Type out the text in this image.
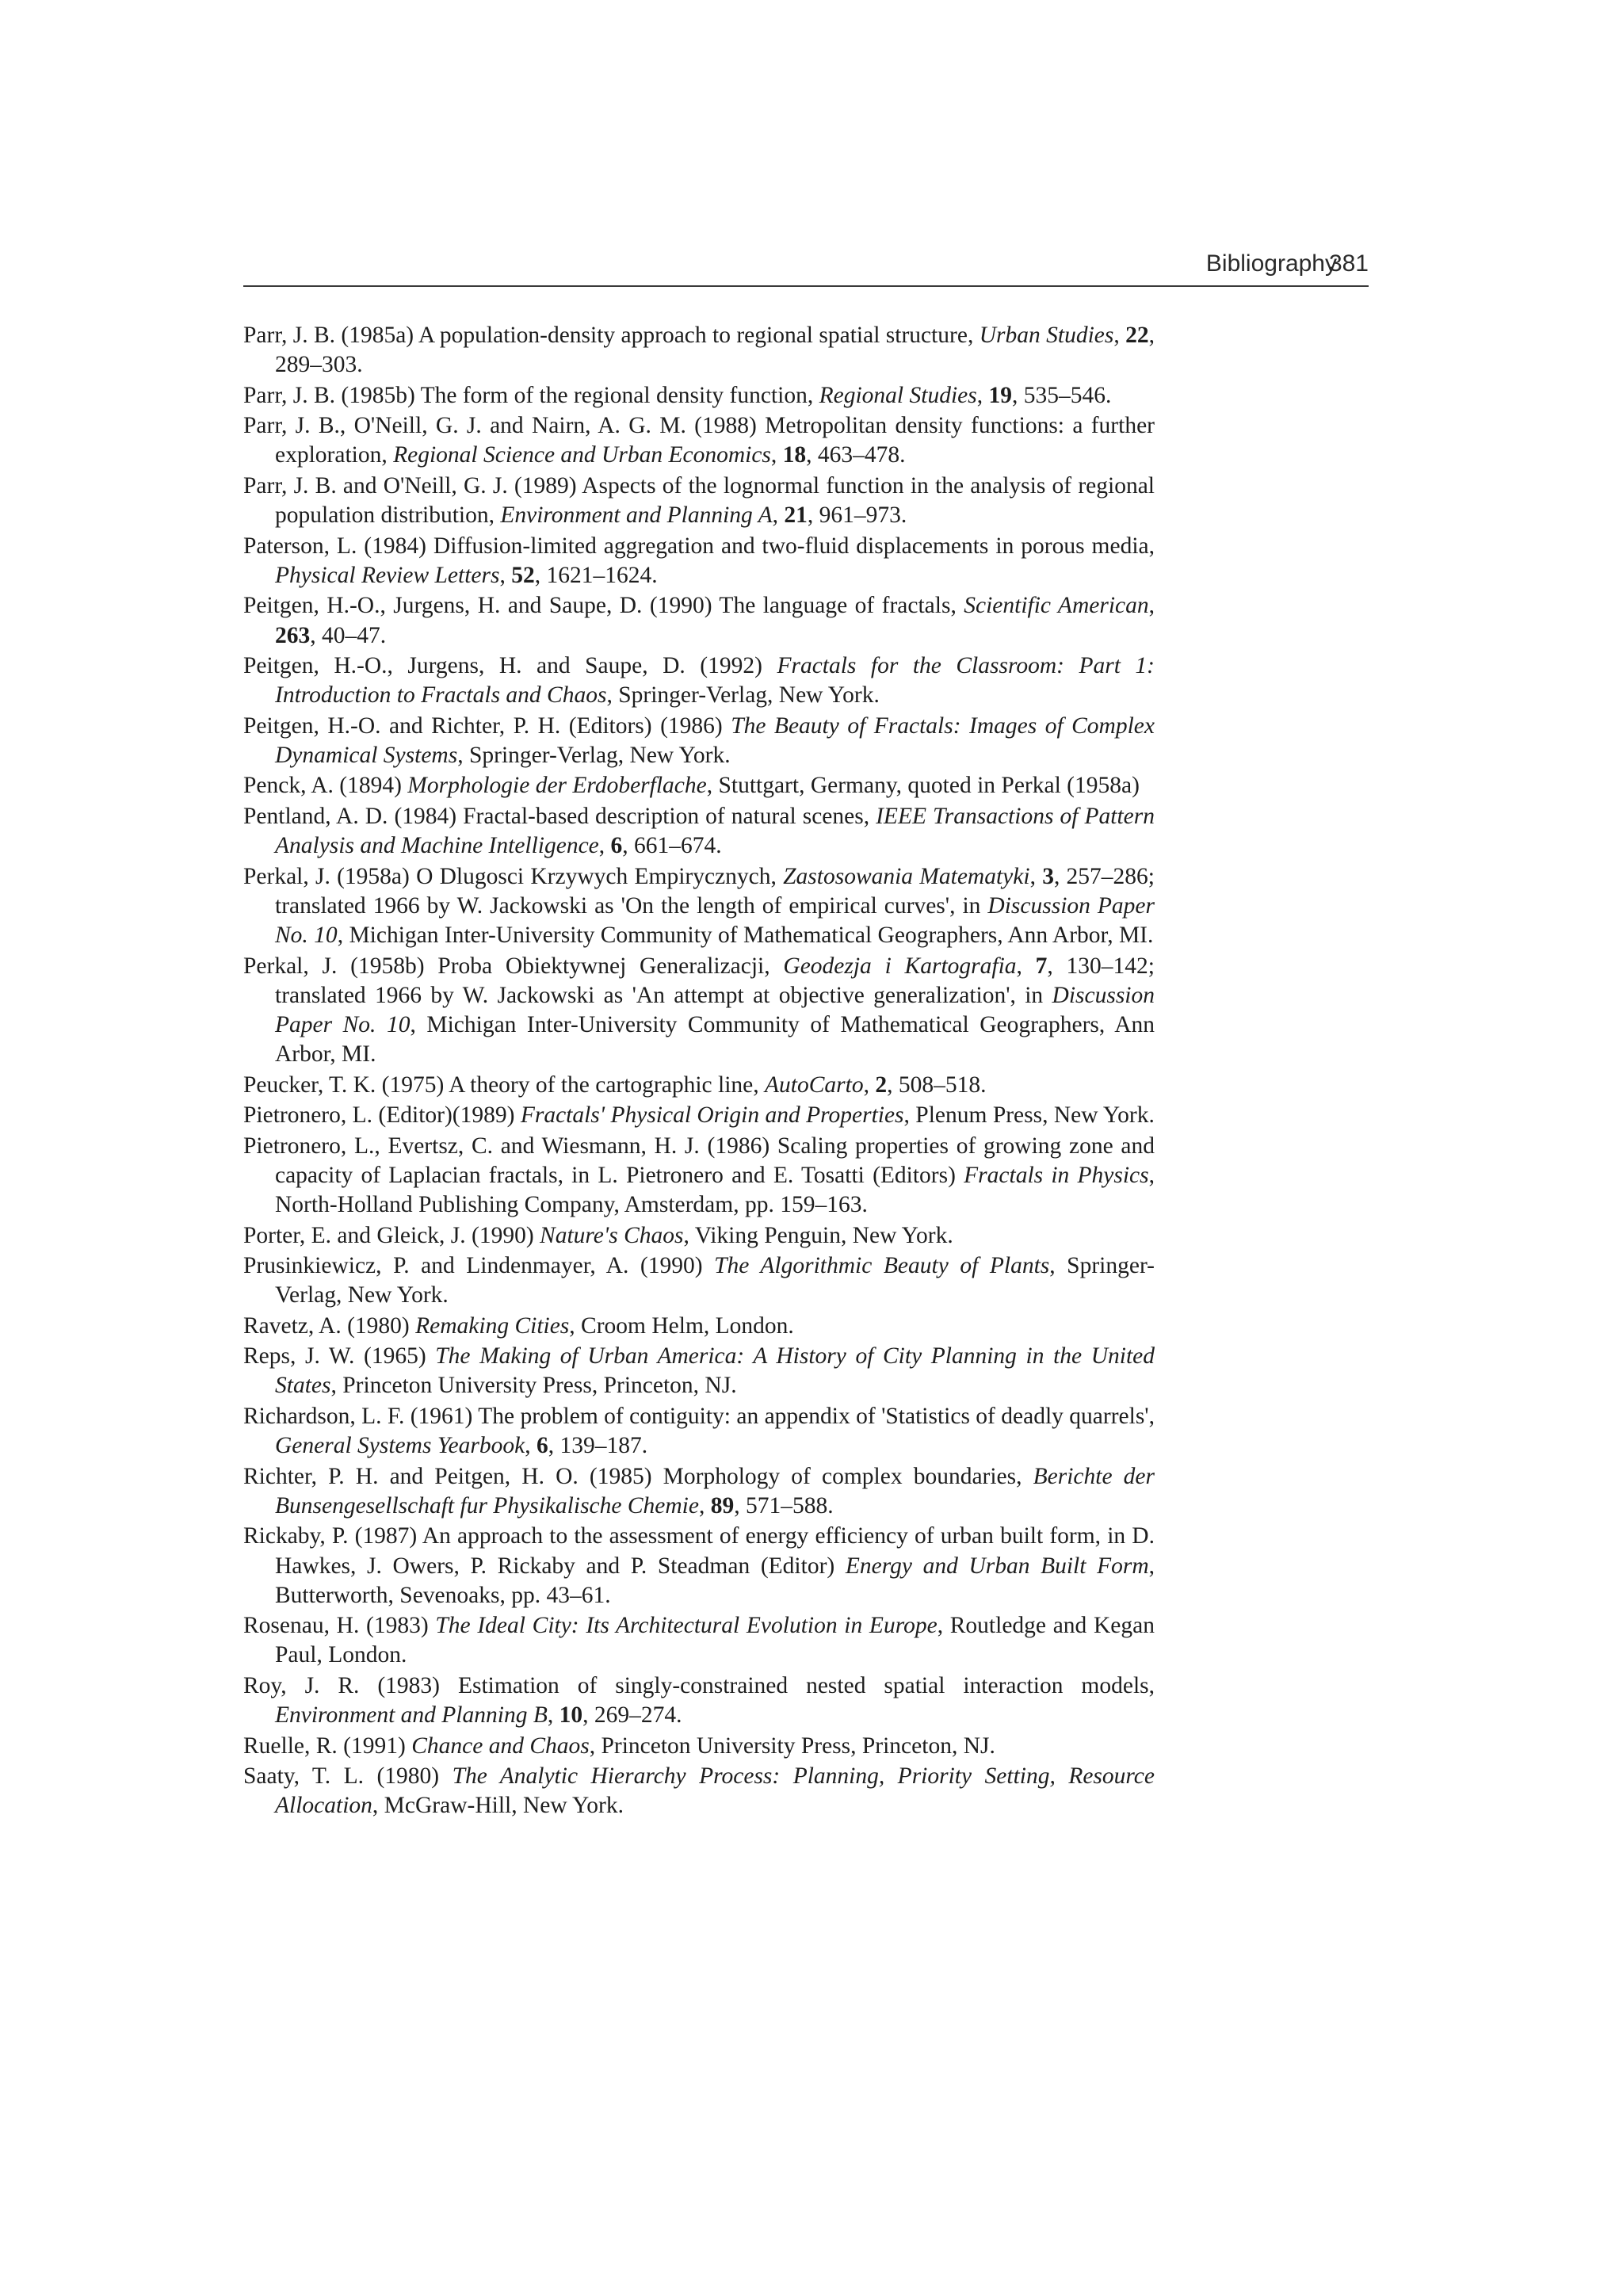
Bibliography
381

Parr, J. B. (1985a) A population-density approach to regional spatial structure, Urban Studies, 22, 289–303.

Parr, J. B. (1985b) The form of the regional density function, Regional Studies, 19, 535–546.

Parr, J. B., O'Neill, G. J. and Nairn, A. G. M. (1988) Metropolitan density functions: a further exploration, Regional Science and Urban Economics, 18, 463–478.

Parr, J. B. and O'Neill, G. J. (1989) Aspects of the lognormal function in the analysis of regional population distribution, Environment and Planning A, 21, 961–973.

Paterson, L. (1984) Diffusion-limited aggregation and two-fluid displacements in porous media, Physical Review Letters, 52, 1621–1624.

Peitgen, H.-O., Jurgens, H. and Saupe, D. (1990) The language of fractals, Scientific American, 263, 40–47.

Peitgen, H.-O., Jurgens, H. and Saupe, D. (1992) Fractals for the Classroom: Part 1: Introduction to Fractals and Chaos, Springer-Verlag, New York.

Peitgen, H.-O. and Richter, P. H. (Editors) (1986) The Beauty of Fractals: Images of Complex Dynamical Systems, Springer-Verlag, New York.

Penck, A. (1894) Morphologie der Erdoberflache, Stuttgart, Germany, quoted in Perkal (1958a)

Pentland, A. D. (1984) Fractal-based description of natural scenes, IEEE Transactions of Pattern Analysis and Machine Intelligence, 6, 661–674.

Perkal, J. (1958a) O Dlugosci Krzywych Empirycznych, Zastosowania Matematyki, 3, 257–286; translated 1966 by W. Jackowski as 'On the length of empirical curves', in Discussion Paper No. 10, Michigan Inter-University Community of Mathematical Geographers, Ann Arbor, MI.

Perkal, J. (1958b) Proba Obiektywnej Generalizacji, Geodezja i Kartografia, 7, 130–142; translated 1966 by W. Jackowski as 'An attempt at objective generalization', in Discussion Paper No. 10, Michigan Inter-University Community of Mathematical Geographers, Ann Arbor, MI.

Peucker, T. K. (1975) A theory of the cartographic line, AutoCarto, 2, 508–518.

Pietronero, L. (Editor)(1989) Fractals' Physical Origin and Properties, Plenum Press, New York.

Pietronero, L., Evertsz, C. and Wiesmann, H. J. (1986) Scaling properties of growing zone and capacity of Laplacian fractals, in L. Pietronero and E. Tosatti (Editors) Fractals in Physics, North-Holland Publishing Company, Amsterdam, pp. 159–163.

Porter, E. and Gleick, J. (1990) Nature's Chaos, Viking Penguin, New York.

Prusinkiewicz, P. and Lindenmayer, A. (1990) The Algorithmic Beauty of Plants, Springer-Verlag, New York.

Ravetz, A. (1980) Remaking Cities, Croom Helm, London.

Reps, J. W. (1965) The Making of Urban America: A History of City Planning in the United States, Princeton University Press, Princeton, NJ.

Richardson, L. F. (1961) The problem of contiguity: an appendix of 'Statistics of deadly quarrels', General Systems Yearbook, 6, 139–187.

Richter, P. H. and Peitgen, H. O. (1985) Morphology of complex boundaries, Berichte der Bunsengesellschaft fur Physikalische Chemie, 89, 571–588.

Rickaby, P. (1987) An approach to the assessment of energy efficiency of urban built form, in D. Hawkes, J. Owers, P. Rickaby and P. Steadman (Editor) Energy and Urban Built Form, Butterworth, Sevenoaks, pp. 43–61.

Rosenau, H. (1983) The Ideal City: Its Architectural Evolution in Europe, Routledge and Kegan Paul, London.

Roy, J. R. (1983) Estimation of singly-constrained nested spatial interaction models, Environment and Planning B, 10, 269–274.

Ruelle, R. (1991) Chance and Chaos, Princeton University Press, Princeton, NJ.

Saaty, T. L. (1980) The Analytic Hierarchy Process: Planning, Priority Setting, Resource Allocation, McGraw-Hill, New York.
